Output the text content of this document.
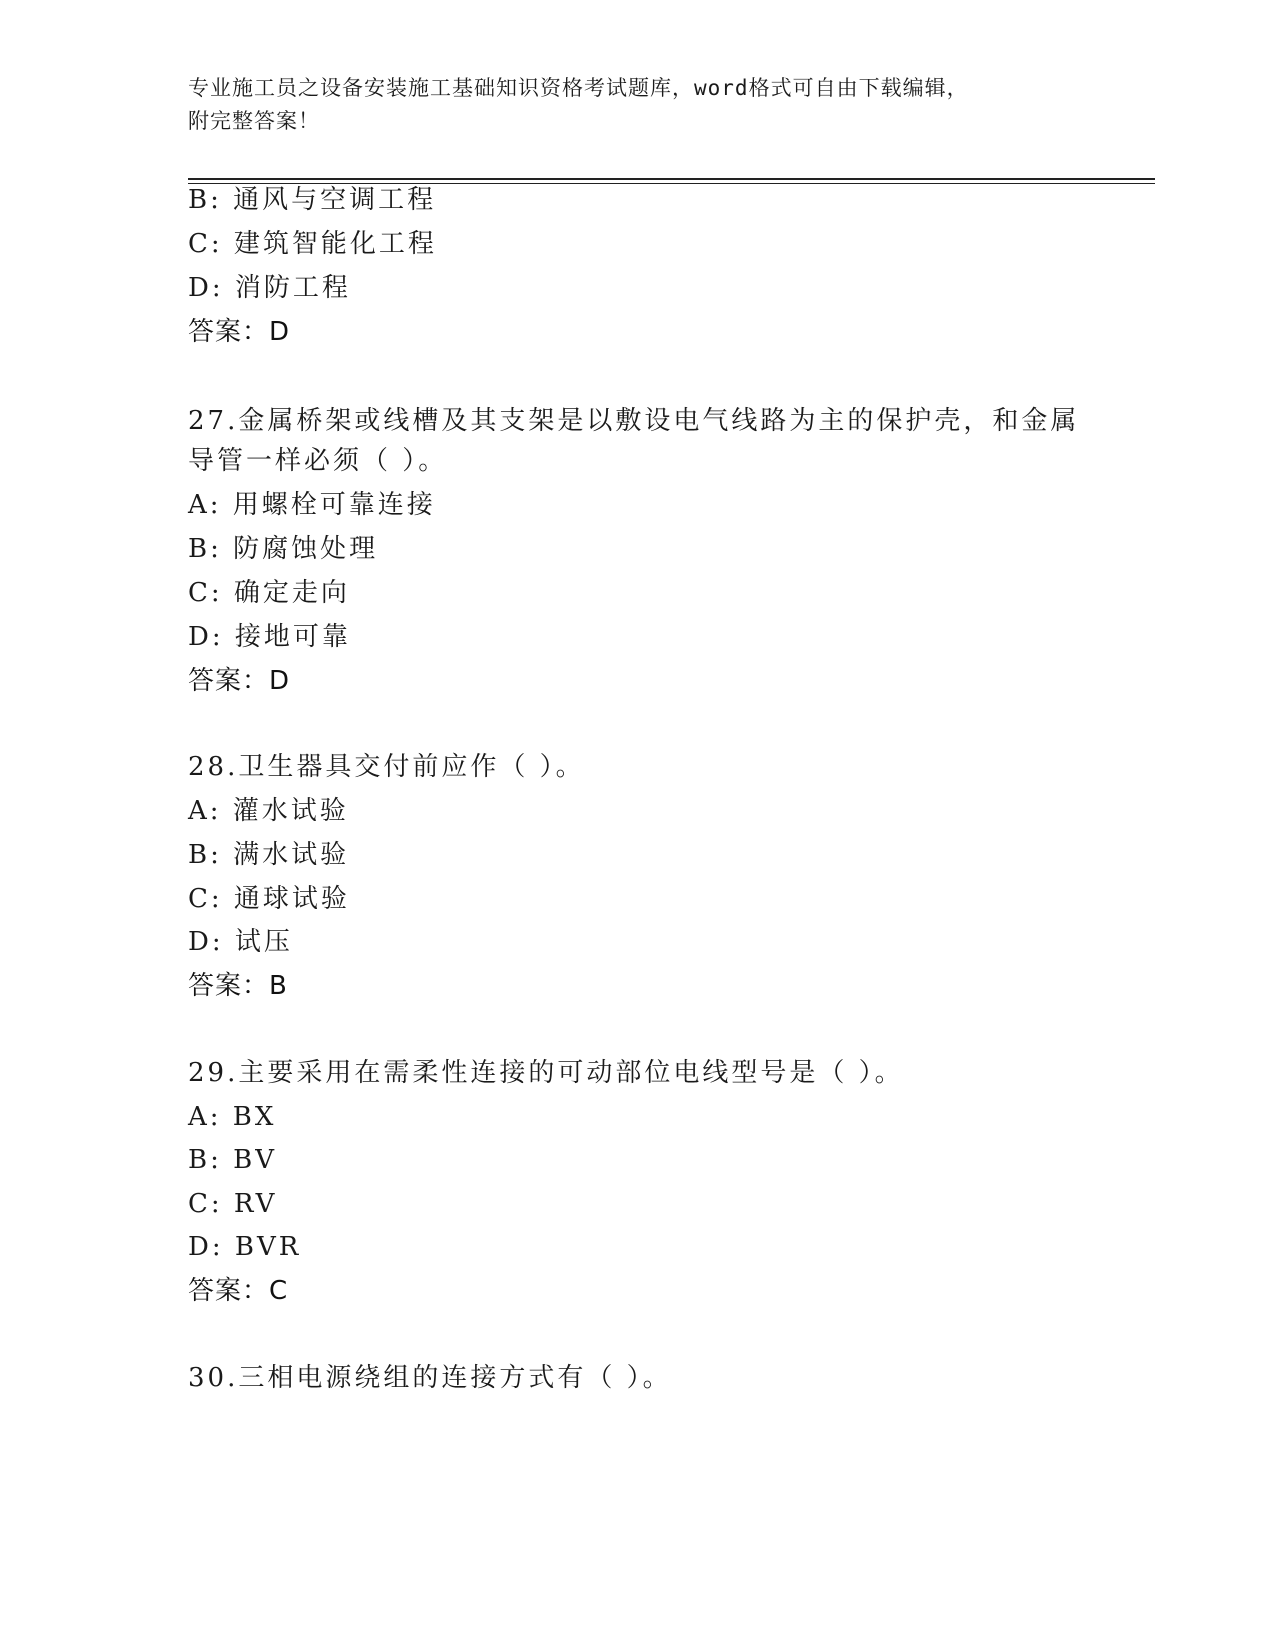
专业施工员之设备安装施工基础知识资格考试题库，word格式可自由下载编辑，
附完整答案！
B: 通风与空调工程
C: 建筑智能化工程
D: 消防工程
答案：D
27.金属桥架或线槽及其支架是以敷设电气线路为主的保护壳，和金属
导管一样必须（ ）。
A: 用螺栓可靠连接
B: 防腐蚀处理
C: 确定走向
D: 接地可靠
答案：D
28.卫生器具交付前应作（ ）。
A: 灌水试验
B: 满水试验
C: 通球试验
D: 试压
答案：B
29.主要采用在需柔性连接的可动部位电线型号是（ ）。
A: BX
B: BV
C: RV
D: BVR
答案：C
30.三相电源绕组的连接方式有（ ）。
